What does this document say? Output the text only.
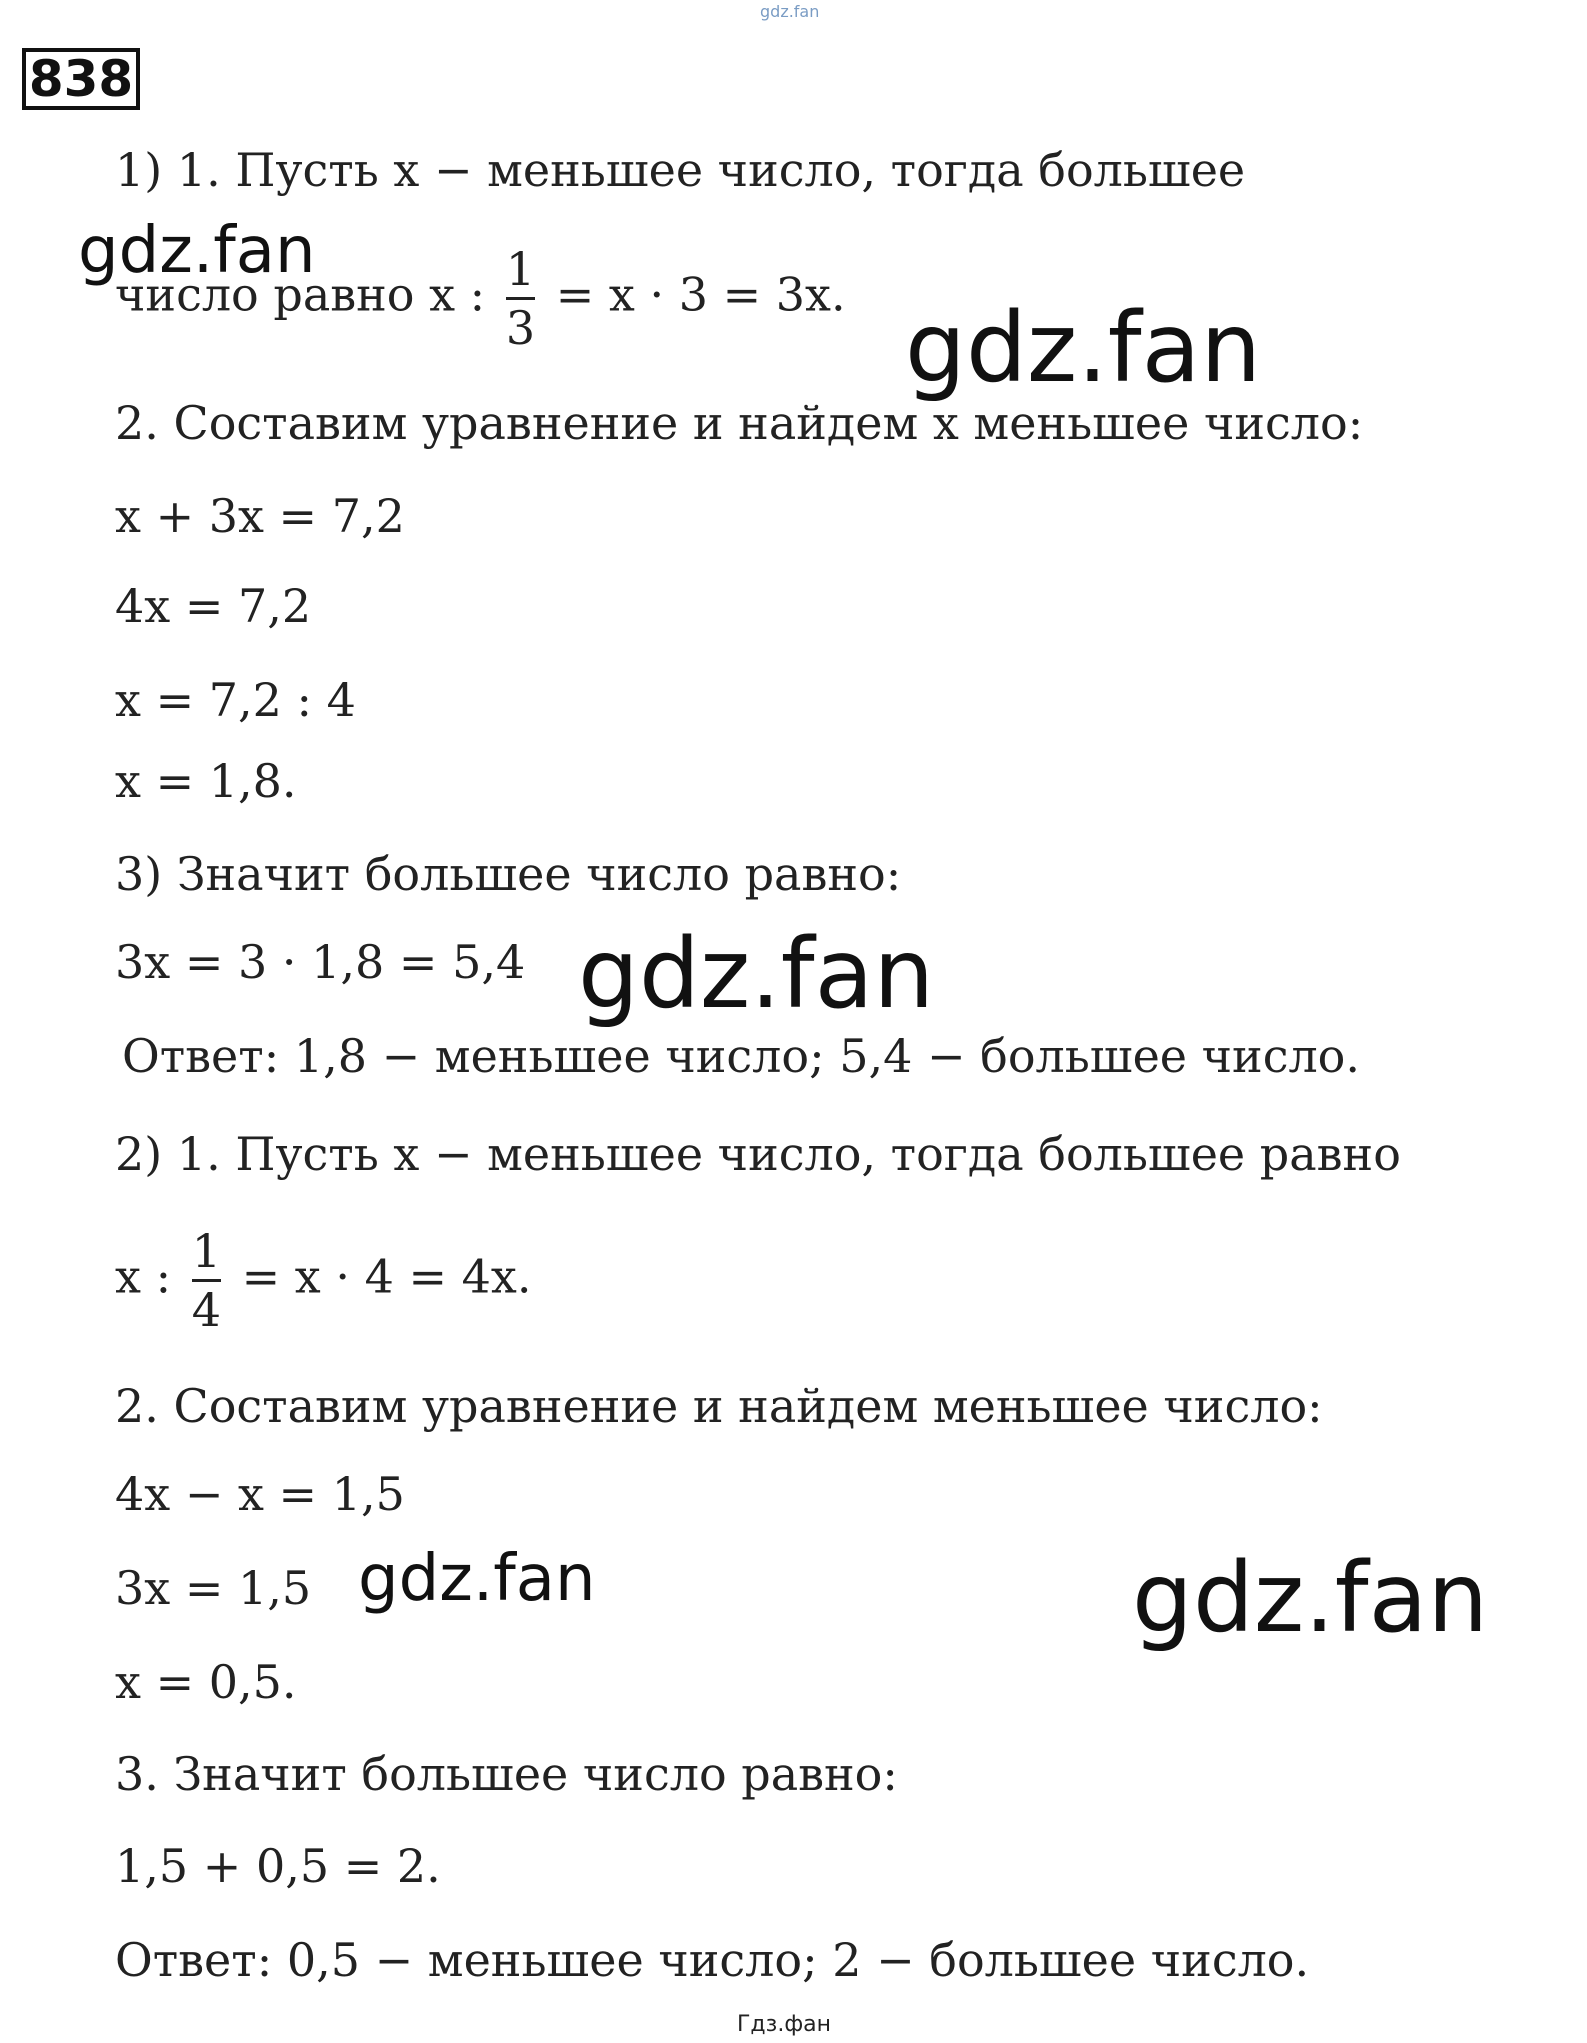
gdz.fan
838
1) 1. Пусть x − меньшее число, тогда большее
число равно x : $\frac{1}{3} = x \cdot 3 = 3x$.
2. Составим уравнение и найдем x меньшее число:
x + 3x = 7,2
4x = 7,2
x = 7,2 : 4
x = 1,8.
3) Значит большее число равно:
3x = 3 · 1,8 = 5,4
Ответ: 1,8 − меньшее число; 5,4 − большее число.
2) 1. Пусть x − меньшее число, тогда большее равно
x : $\frac{1}{4} = x \cdot 4 = 4x$.
2. Составим уравнение и найдем меньшее число:
4x − x = 1,5
3x = 1,5
x = 0,5.
3. Значит большее число равно:
1,5 + 0,5 = 2.
Ответ: 0,5 − меньшее число; 2 − большее число.
gdz.fan
gdz.fan
gdz.fan
gdz.fan	gdz.fan
Гдз.фан
